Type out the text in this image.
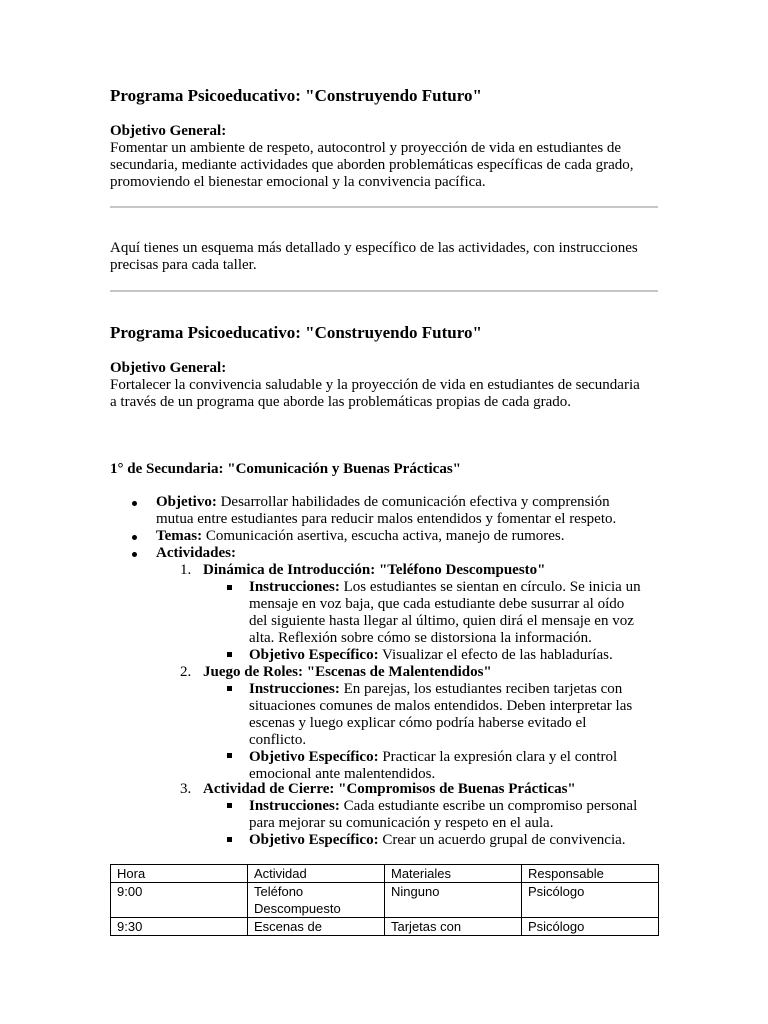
Programa Psicoeducativo: "Construyendo Futuro"
Objetivo General:
Fomentar un ambiente de respeto, autocontrol y proyección de vida en estudiantes de
secundaria, mediante actividades que aborden problemáticas específicas de cada grado,
promoviendo el bienestar emocional y la convivencia pacífica.
Aquí tienes un esquema más detallado y específico de las actividades, con instrucciones
precisas para cada taller.
Programa Psicoeducativo: "Construyendo Futuro"
Objetivo General:
Fortalecer la convivencia saludable y la proyección de vida en estudiantes de secundaria
a través de un programa que aborde las problemáticas propias de cada grado.
1° de Secundaria: "Comunicación y Buenas Prácticas"
Objetivo: Desarrollar habilidades de comunicación efectiva y comprensión
mutua entre estudiantes para reducir malos entendidos y fomentar el respeto.
Temas: Comunicación asertiva, escucha activa, manejo de rumores.
Actividades:
1. Dinámica de Introducción: "Teléfono Descompuesto"
Instrucciones: Los estudiantes se sientan en círculo. Se inicia un
mensaje en voz baja, que cada estudiante debe susurrar al oído
del siguiente hasta llegar al último, quien dirá el mensaje en voz
alta. Reflexión sobre cómo se distorsiona la información.
Objetivo Específico: Visualizar el efecto de las habladurías.
2. Juego de Roles: "Escenas de Malentendidos"
Instrucciones: En parejas, los estudiantes reciben tarjetas con
situaciones comunes de malos entendidos. Deben interpretar las
escenas y luego explicar cómo podría haberse evitado el
conflicto.
Objetivo Específico: Practicar la expresión clara y el control
emocional ante malentendidos.
3. Actividad de Cierre: "Compromisos de Buenas Prácticas"
Instrucciones: Cada estudiante escribe un compromiso personal
para mejorar su comunicación y respeto en el aula.
Objetivo Específico: Crear un acuerdo grupal de convivencia.
Hora	Actividad	Materiales	Responsable
9:00	Teléfono Descompuesto	Ninguno	Psicólogo
9:30	Escenas de	Tarjetas con	Psicólogo
